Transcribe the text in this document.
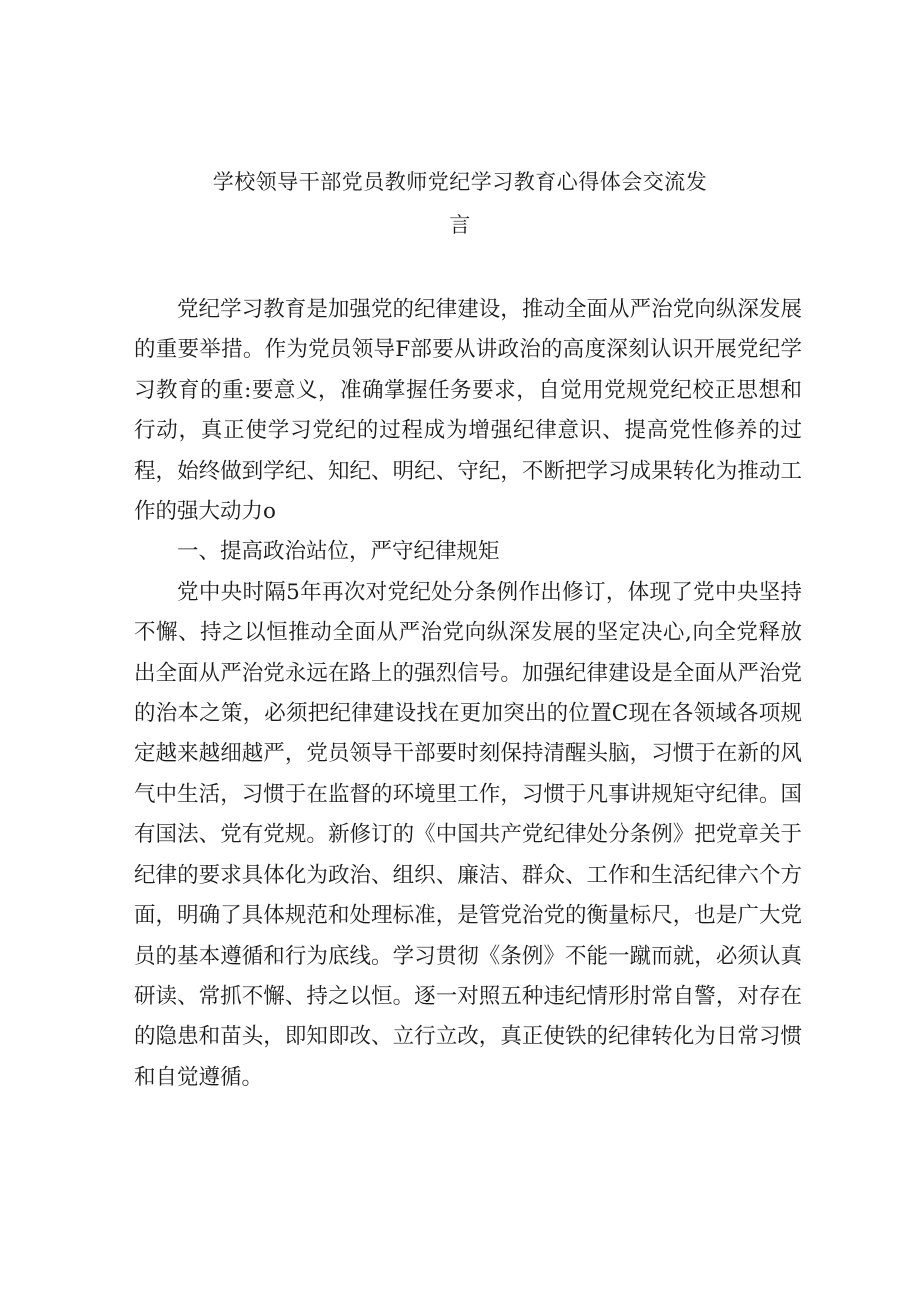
学校领导干部党员教师党纪学习教育心得体会交流发
言

党纪学习教育是加强党的纪律建设，推动全面从严治党向纵深发展的重要举措。作为党员领导F部要从讲政治的高度深刻认识开展党纪学习教育的重:要意义，准确掌握任务要求，自觉用党规党纪校正思想和行动，真正使学习党纪的过程成为增强纪律意识、提高党性修养的过程，始终做到学纪、知纪、明纪、守纪，不断把学习成果转化为推动工作的强大动力o

一、提高政治站位，严守纪律规矩

党中央时隔5年再次对党纪处分条例作出修订，体现了党中央坚持不懈、持之以恒推动全面从严治党向纵深发展的坚定决心,向全党释放出全面从严治党永远在路上的强烈信号。加强纪律建设是全面从严治党的治本之策，必须把纪律建设找在更加突出的位置C现在各领域各项规定越来越细越严，党员领导干部要时刻保持清醒头脑，习惯于在新的风气中生活，习惯于在监督的环境里工作，习惯于凡事讲规矩守纪律。国有国法、党有党规。新修订的《中国共产党纪律处分条例》把党章关于纪律的要求具体化为政治、组织、廉洁、群众、工作和生活纪律六个方面，明确了具体规范和处理标准，是管党治党的衡量标尺，也是广大党员的基本遵循和行为底线。学习贯彻《条例》不能一蹴而就，必须认真研读、常抓不懈、持之以恒。逐一对照五种违纪情形肘常自警，对存在的隐患和苗头，即知即改、立行立改，真正使铁的纪律转化为日常习惯和自觉遵循。
